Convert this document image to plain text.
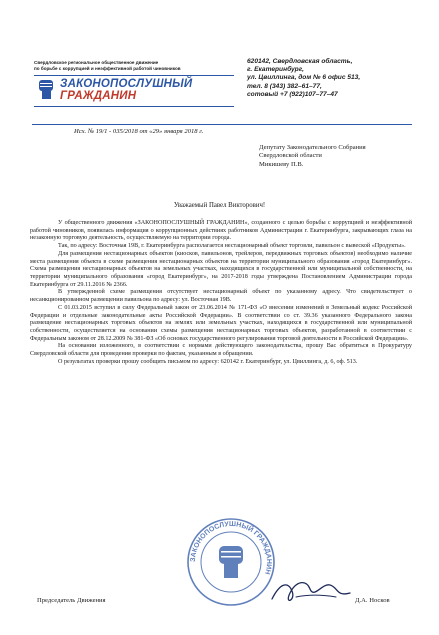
Свердловское региональное общественное движение
по борьбе с коррупцией и неэффективной работой чиновников
ЗАКОНОПОСЛУШНЫЙ
ГРАЖДАНИН
620142, Свердловская область,
г. Екатеринбург,
ул. Цвиллинга, дом № 6 офис 513,
тел. 8 (343) 382–61–77,
сотовый +7 (922)107–77–47
Исх. № 19/1 - 035/2018 от «29» января 2018 г.
Депутату Законодательного Собрания
Свердловской области
Микишеву П.В.
Уважаемый Павел Викторович!

У общественного движения «ЗАКОНОПОСЛУШНЫЙ ГРАЖДАНИН», созданного с целью борьбы с коррупцией и неэффективной работой чиновников, появилась информация о коррупционных действиях работников Администрации г. Екатеринбурга, закрывающих глаза на незаконную торговую деятельность, осуществляемую на территории города.

Так, по адресу: Восточная 19В, г. Екатеринбурга располагается нестационарный объект торговли, павильон с вывеской «Продукты».

Для размещения нестационарных объектов (киосков, павильонов, трейлеров, передвижных торговых объектов) необходимо наличие места размещения объекта в схеме размещения нестационарных объектов на территории муниципального образования «город Екатеринбург». Схема размещения нестационарных объектов на земельных участках, находящихся в государственной или муниципальной собственности, на территории муниципального образования «город Екатеринбург», на 2017-2018 годы утверждена Постановлением Администрации города Екатеринбурга от 29.11.2016 № 2366.

В утвержденной схеме размещения отсутствует нестационарный объект по указанному адресу. Что свидетельствует о несанкционированном размещении павильона по адресу: ул. Восточная 19В.

С 01.03.2015 вступил в силу Федеральный закон от 23.06.2014 № 171-ФЗ «О внесении изменений в Земельный кодекс Российской Федерации и отдельные законодательные акты Российской Федерации». В соответствии со ст. 39.36 указанного Федерального закона размещение нестационарных торговых объектов на землях или земельных участках, находящихся в государственной или муниципальной собственности, осуществляется на основании схемы размещения нестационарных торговых объектов, разработанной в соответствии с Федеральным законом от 28.12.2009 № 381-ФЗ «Об основах государственного регулирования торговой деятельности в Российской Федерации».

На основании изложенного, в соответствии с нормами действующего законодательства, прошу Вас обратиться в Прокуратуру Свердловской области для проведения проверки по фактам, указанным в обращении.

О результатах проверки прошу сообщить письмом по адресу: 620142 г. Екатеринбург, ул. Цвиллинга, д. 6, оф. 513.

ЗАКОНОПОСЛУШНЫЙ ГРАЖДАНИН
Председатель Движения	Д.А. Носков
